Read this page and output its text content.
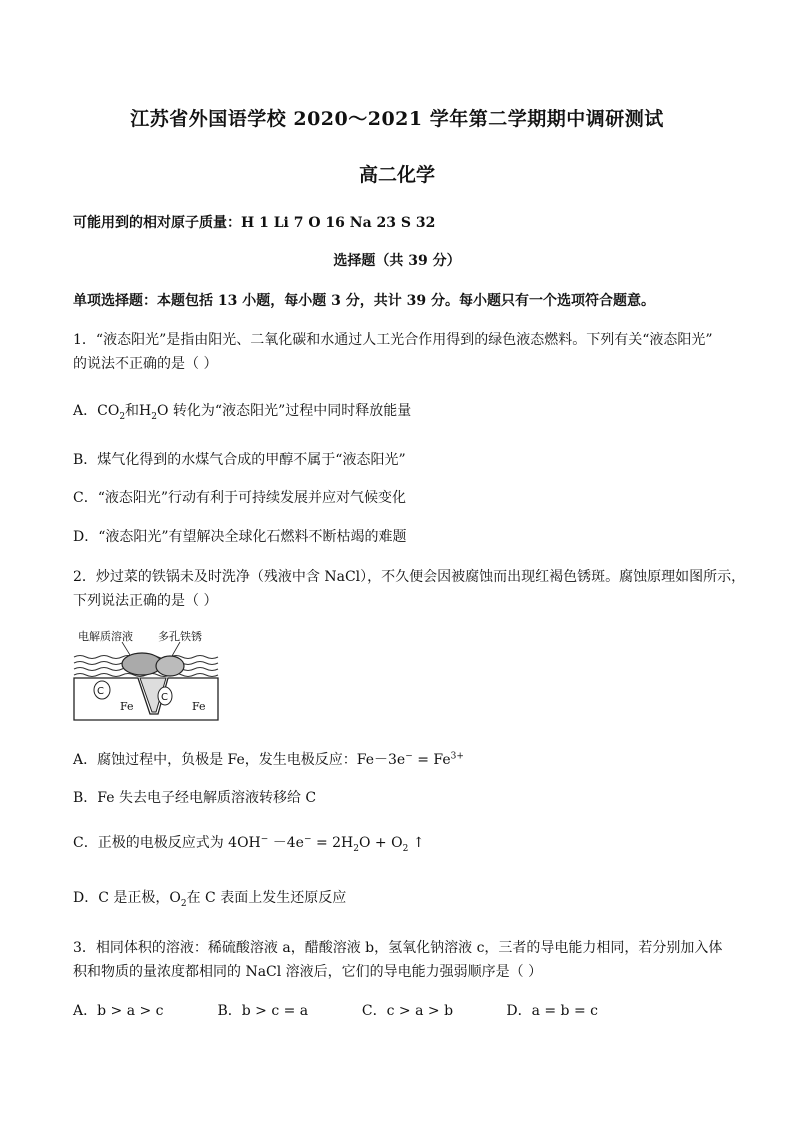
江苏省外国语学校 2020～2021 学年第二学期期中调研测试
高二化学
可能用到的相对原子质量：H 1 Li 7 O 16 Na 23 S 32
选择题（共 39 分）
单项选择题：本题包括 13 小题，每小题 3 分，共计 39 分。每小题只有一个选项符合题意。
1．“液态阳光”是指由阳光、二氧化碳和水通过人工光合作用得到的绿色液态燃料。下列有关“液态阳光”
的说法不正确的是（ ）
A．$CO_2$和$H_2O$ 转化为“液态阳光”过程中同时释放能量
B．煤气化得到的水煤气合成的甲醇不属于“液态阳光”
C．“液态阳光”行动有利于可持续发展并应对气候变化
D．“液态阳光”有望解决全球化石燃料不断枯竭的难题
2．炒过菜的铁锅未及时洗净（残液中含 NaCl），不久便会因被腐蚀而出现红褐色锈斑。腐蚀原理如图所示，
下列说法正确的是（ ）
电解质溶液 多孔铁锈
C
C
Fe	Fe
A．腐蚀过程中，负极是 Fe，发生电极反应：$Fe-3e^- = Fe^{3+}$
B．Fe 失去电子经电解质溶液转移给 C
C．正极的电极反应式为 $4OH^- -4e^- = 2H_2O + O_2$ ↑
D．C 是正极，$O_2$在 C 表面上发生还原反应
3．相同体积的溶液：稀硫酸溶液 a，醋酸溶液 b，氢氧化钠溶液 c，三者的导电能力相同，若分别加入体
积和物质的量浓度都相同的 NaCl 溶液后，它们的导电能力强弱顺序是（ ）
A．b > a > c	B．b > c = a	C．c > a > b	D．a = b = c
